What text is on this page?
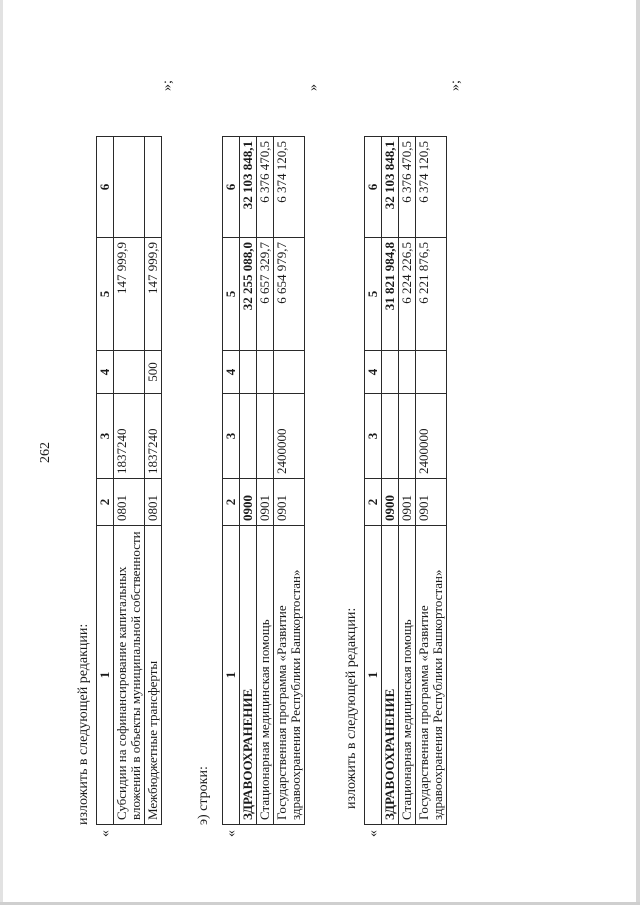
262
изложить в следующей редакции:
«
1	2	3	4	5	6
Субсидии на софинансирование капитальных вложений в объекты муниципальной собственности	0801	1837240		147 999,9	
Межбюджетные трансферты	0801	1837240	500	147 999,9	
»;
э) строки:
«
1	2	3	4	5	6
ЗДРАВООХРАНЕНИЕ	0900			32 255 088,0	32 103 848,1
Стационарная медицинская помощь	0901			6 657 329,7	6 376 470,5
Государственная программа «Развитие здравоохранения Республики Башкортостан»	0901	2400000		6 654 979,7	6 374 120,5
»
изложить в следующей редакции:
«
1	2	3	4	5	6
ЗДРАВООХРАНЕНИЕ	0900			31 821 984,8	32 103 848,1
Стационарная медицинская помощь	0901			6 224 226,5	6 376 470,5
Государственная программа «Развитие здравоохранения Республики Башкортостан»	0901	2400000		6 221 876,5	6 374 120,5
»;
